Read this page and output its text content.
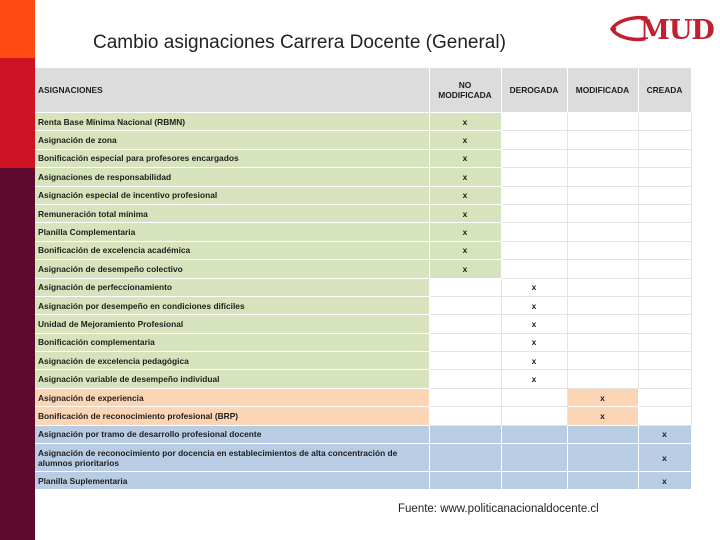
Cambio asignaciones Carrera Docente (General)	MUD
ASIGNACIONES	NO MODIFICADA	DEROGADA	MODIFICADA	CREADA
Renta Base Mínima Nacional (RBMN)	x			
Asignación de zona	x			
Bonificación especial para profesores encargados	x			
Asignaciones de responsabilidad	x			
Asignación especial de incentivo profesional	x			
Remuneración total mínima	x			
Planilla Complementaria	x			
Bonificación de excelencia académica	x			
Asignación de desempeño colectivo	x			
Asignación de perfeccionamiento		x		
Asignación por desempeño en condiciones difíciles		x		
Unidad de Mejoramiento Profesional		x		
Bonificación complementaria		x		
Asignación de excelencia pedagógica		x		
Asignación variable de desempeño individual		x		
Asignación de experiencia			x	
Bonificación de reconocimiento profesional (BRP)			x	
Asignación por tramo de desarrollo profesional docente				x
Asignación de reconocimiento por docencia en establecimientos de alta concentración de alumnos prioritarios				x
Planilla Suplementaria				x
Fuente: www.politicanacionaldocente.cl
